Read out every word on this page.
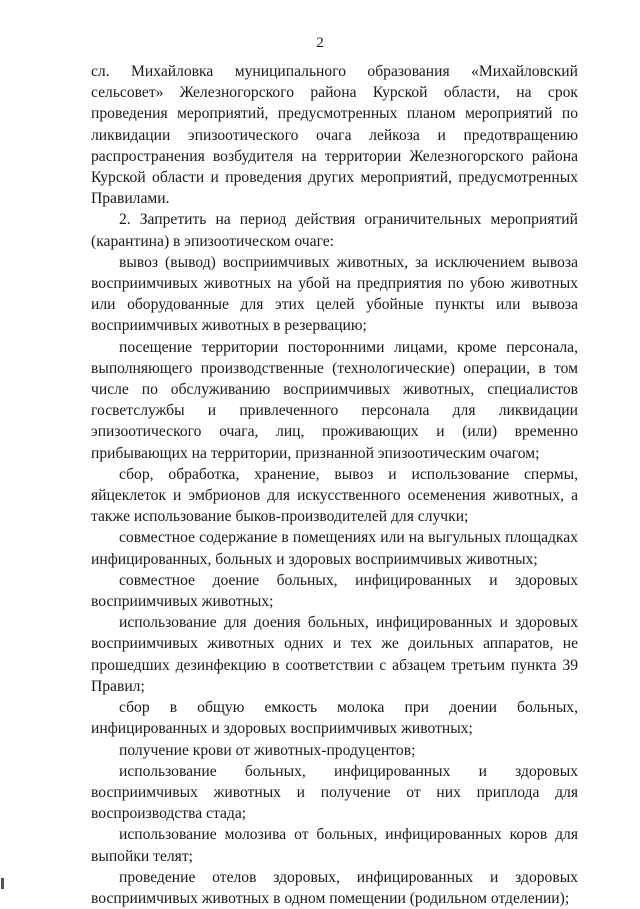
2

сл. Михайловка муниципального образования «Михайловский сельсовет» Железногорского района Курской области, на срок проведения мероприятий, предусмотренных планом мероприятий по ликвидации эпизоотического очага лейкоза и предотвращению распространения возбудителя на территории Железногорского района Курской области и проведения других мероприятий, предусмотренных Правилами.

2. Запретить на период действия ограничительных мероприятий (карантина) в эпизоотическом очаге:

вывоз (вывод) восприимчивых животных, за исключением вывоза восприимчивых животных на убой на предприятия по убою животных или оборудованные для этих целей убойные пункты или вывоза восприимчивых животных в резервацию;

посещение территории посторонними лицами, кроме персонала, выполняющего производственные (технологические) операции, в том числе по обслуживанию восприимчивых животных, специалистов госветслужбы и привлеченного персонала для ликвидации эпизоотического очага, лиц, проживающих и (или) временно прибывающих на территории, признанной эпизоотическим очагом;

сбор, обработка, хранение, вывоз и использование спермы, яйцеклеток и эмбрионов для искусственного осеменения животных, а также использование быков-производителей для случки;

совместное содержание в помещениях или на выгульных площадках инфицированных, больных и здоровых восприимчивых животных;

совместное доение больных, инфицированных и здоровых восприимчивых животных;

использование для доения больных, инфицированных и здоровых восприимчивых животных одних и тех же доильных аппаратов, не прошедших дезинфекцию в соответствии с абзацем третьим пункта 39 Правил;

сбор в общую емкость молока при доении больных, инфицированных и здоровых восприимчивых животных;

получение крови от животных-продуцентов;

использование больных, инфицированных и здоровых восприимчивых животных и получение от них приплода для воспроизводства стада;

использование молозива от больных, инфицированных коров для выпойки телят;

проведение отелов здоровых, инфицированных и здоровых восприимчивых животных в одном помещении (родильном отделении);
